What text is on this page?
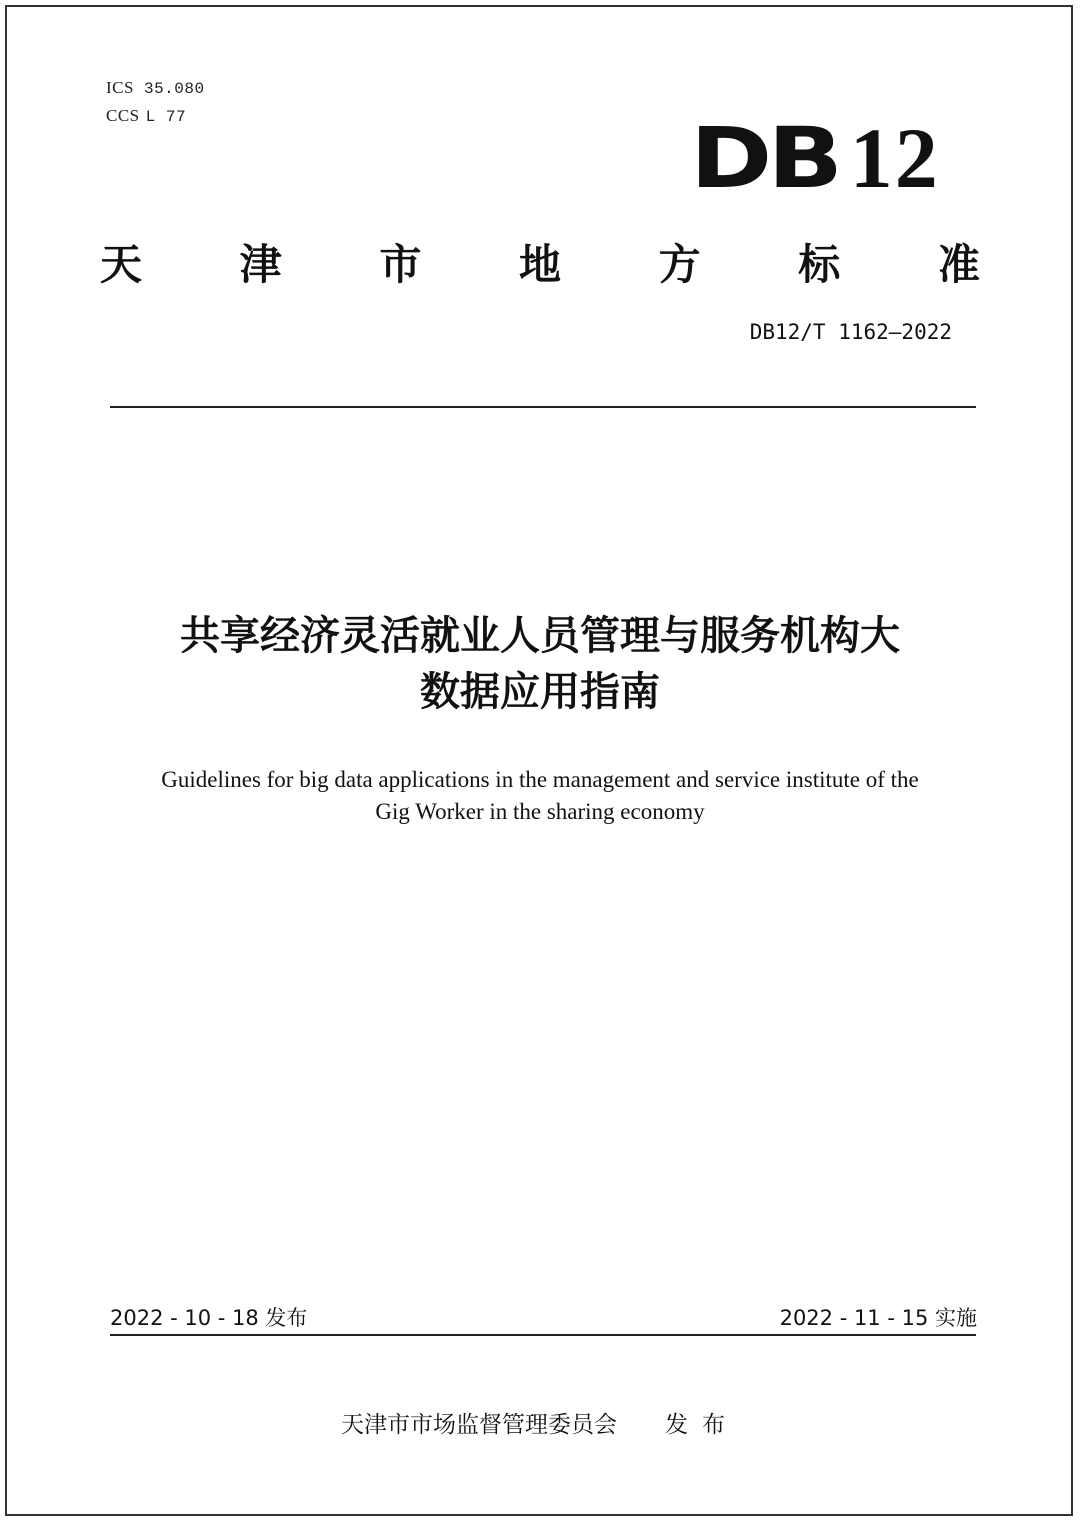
ICS 35.080
CCS L 77	DB 12
天 津 市 地 方 标 准
DB12/T 1162—2022
共享经济灵活就业人员管理与服务机构大
数据应用指南
Guidelines for big data applications in the management and service institute of the
Gig Worker in the sharing economy
2022 - 10 - 18 发布	2022 - 11 - 15 实施
天津市市场监督管理委员会 发布
